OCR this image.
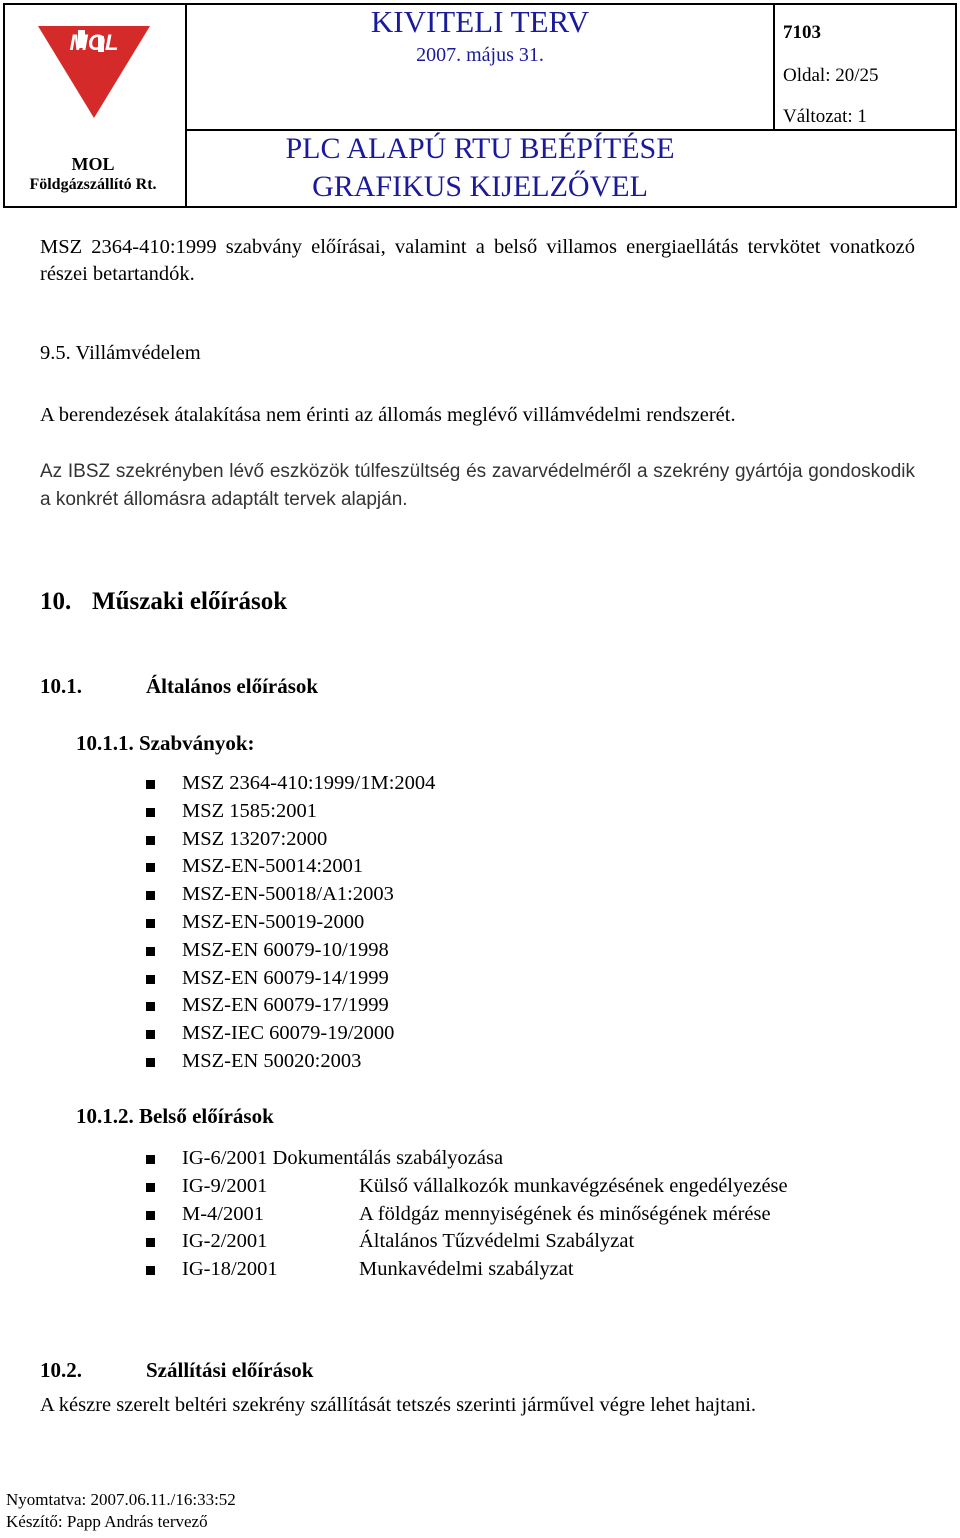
MOL
MOL
Földgázszállító Rt.
KIVITELI TERV
2007. május 31.
PLC ALAPÚ RTU BEÉPÍTÉSE
GRAFIKUS KIJELZŐVEL
7103
Oldal: 20/25
Változat: 1
MSZ 2364-410:1999 szabvány előírásai, valamint a belső villamos energiaellátás tervkötet vonatkozó részei betartandók.
9.5. Villámvédelem
A berendezések átalakítása nem érinti az állomás meglévő villámvédelmi rendszerét.
Az IBSZ szekrényben lévő eszközök túlfeszültség és zavarvédelméről a szekrény gyártója gondoskodik a konkrét állomásra adaptált tervek alapján.
10. Műszaki előírások
10.1.	Általános előírások
10.1.1. Szabványok:
MSZ 2364-410:1999/1M:2004
MSZ 1585:2001
MSZ 13207:2000
MSZ-EN-50014:2001
MSZ-EN-50018/A1:2003
MSZ-EN-50019-2000
MSZ-EN 60079-10/1998
MSZ-EN 60079-14/1999
MSZ-EN 60079-17/1999
MSZ-IEC 60079-19/2000
MSZ-EN 50020:2003
10.1.2. Belső előírások
IG-6/2001 Dokumentálás szabályozása
IG-9/2001	Külső vállalkozók munkavégzésének engedélyezése
M-4/2001	A földgáz mennyiségének és minőségének mérése
IG-2/2001	Általános Tűzvédelmi Szabályzat
IG-18/2001	Munkavédelmi szabályzat
10.2.	Szállítási előírások
A készre szerelt beltéri szekrény szállítását tetszés szerinti járművel végre lehet hajtani.
Nyomtatva: 2007.06.11./16:33:52
Készítő: Papp András tervező
